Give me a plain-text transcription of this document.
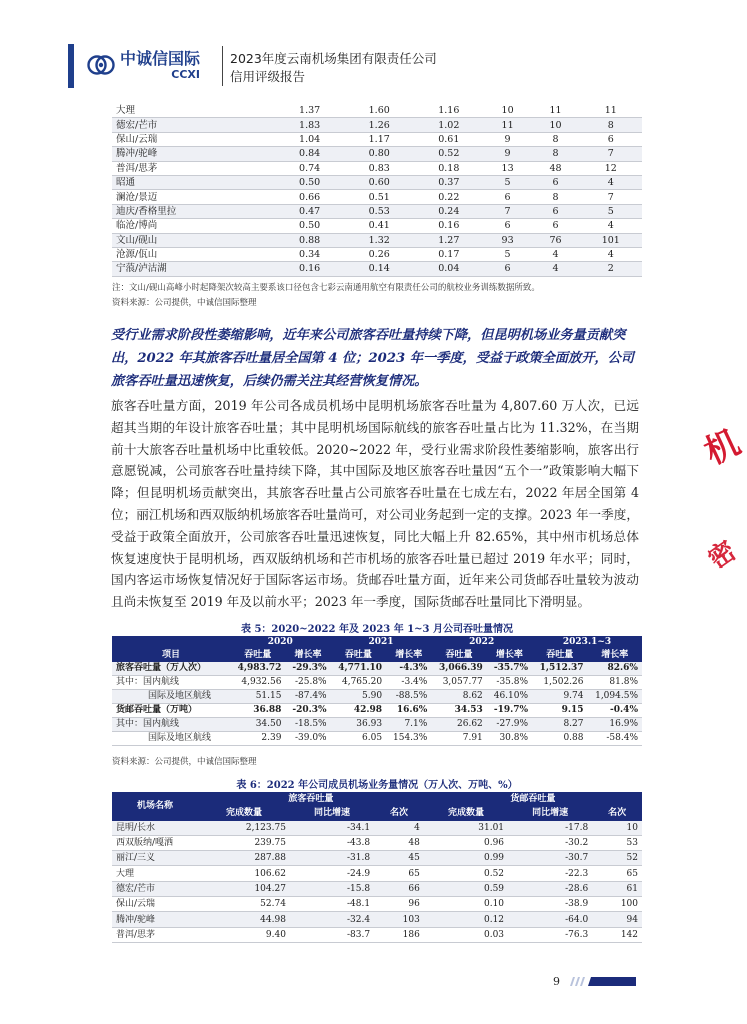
中诚信国际
CCXI
2023年度云南机场集团有限责任公司
信用评级报告
机
密
大理	1.37	1.60	1.16	10	11	11
德宏/芒市	1.83	1.26	1.02	11	10	8
保山/云瑞	1.04	1.17	0.61	9	8	6
腾冲/驼峰	0.84	0.80	0.52	9	8	7
普洱/思茅	0.74	0.83	0.18	13	48	12
昭通	0.50	0.60	0.37	5	6	4
澜沧/景迈	0.66	0.51	0.22	6	8	7
迪庆/香格里拉	0.47	0.53	0.24	7	6	5
临沧/博尚	0.50	0.41	0.16	6	6	4
文山/砚山	0.88	1.32	1.27	93	76	101
沧源/佤山	0.34	0.26	0.17	5	4	4
宁蒗/泸沽湖	0.16	0.14	0.04	6	4	2
注：文山/砚山高峰小时起降架次较高主要系该口径包含七彩云南通用航空有限责任公司的航校业务训练数据所致。
资料来源：公司提供，中诚信国际整理
受行业需求阶段性萎缩影响，近年来公司旅客吞吐量持续下降，但昆明机场业务量贡献突出，2022 年其旅客吞吐量居全国第 4 位；2023 年一季度，受益于政策全面放开，公司旅客吞吐量迅速恢复，后续仍需关注其经营恢复情况。
旅客吞吐量方面，2019 年公司各成员机场中昆明机场旅客吞吐量为 4,807.60 万人次，已远超其当期的年设计旅客吞吐量；其中昆明机场国际航线的旅客吞吐量占比为 11.32%，在当期前十大旅客吞吐量机场中比重较低。2020~2022 年，受行业需求阶段性萎缩影响，旅客出行意愿锐减，公司旅客吞吐量持续下降，其中国际及地区旅客吞吐量因“五个一”政策影响大幅下降；但昆明机场贡献突出，其旅客吞吐量占公司旅客吞吐量在七成左右，2022 年居全国第 4 位；丽江机场和西双版纳机场旅客吞吐量尚可，对公司业务起到一定的支撑。2023 年一季度，受益于政策全面放开，公司旅客吞吐量迅速恢复，同比大幅上升 82.65%，其中州市机场总体恢复速度快于昆明机场，西双版纳机场和芒市机场的旅客吞吐量已超过 2019 年水平；同时，国内客运市场恢复情况好于国际客运市场。货邮吞吐量方面，近年来公司货邮吞吐量较为波动且尚未恢复至 2019 年及以前水平；2023 年一季度，国际货邮吞吐量同比下滑明显。
表 5：2020~2022 年及 2023 年 1~3 月公司吞吐量情况
	2020		2021		2022		2023.1~3	
项目	吞吐量	增长率	吞吐量	增长率	吞吐量	增长率	吞吐量	增长率
旅客吞吐量（万人次）	4,983.72	-29.3%	4,771.10	-4.3%	3,066.39	-35.7%	1,512.37	82.6%
其中：国内航线	4,932.56	-25.8%	4,765.20	-3.4%	3,057.77	-35.8%	1,502.26	81.8%
国际及地区航线	51.15	-87.4%	5.90	-88.5%	8.62	46.10%	9.74	1,094.5%
货邮吞吐量（万吨）	36.88	-20.3%	42.98	16.6%	34.53	-19.7%	9.15	-0.4%
其中：国内航线	34.50	-18.5%	36.93	7.1%	26.62	-27.9%	8.27	16.9%
国际及地区航线	2.39	-39.0%	6.05	154.3%	7.91	30.8%	0.88	-58.4%
资料来源：公司提供，中诚信国际整理
表 6：2022 年公司成员机场业务量情况（万人次、万吨、%）
机场名称	旅客吞吐量			货邮吞吐量		
	完成数量	同比增速	名次	完成数量	同比增速	名次
昆明/长水	2,123.75	-34.1	4	31.01	-17.8	10
西双版纳/嘎洒	239.75	-43.8	48	0.96	-30.2	53
丽江/三义	287.88	-31.8	45	0.99	-30.7	52
大理	106.62	-24.9	65	0.52	-22.3	65
德宏/芒市	104.27	-15.8	66	0.59	-28.6	61
保山/云瑞	52.74	-48.1	96	0.10	-38.9	100
腾冲/驼峰	44.98	-32.4	103	0.12	-64.0	94
普洱/思茅	9.40	-83.7	186	0.03	-76.3	142
9
